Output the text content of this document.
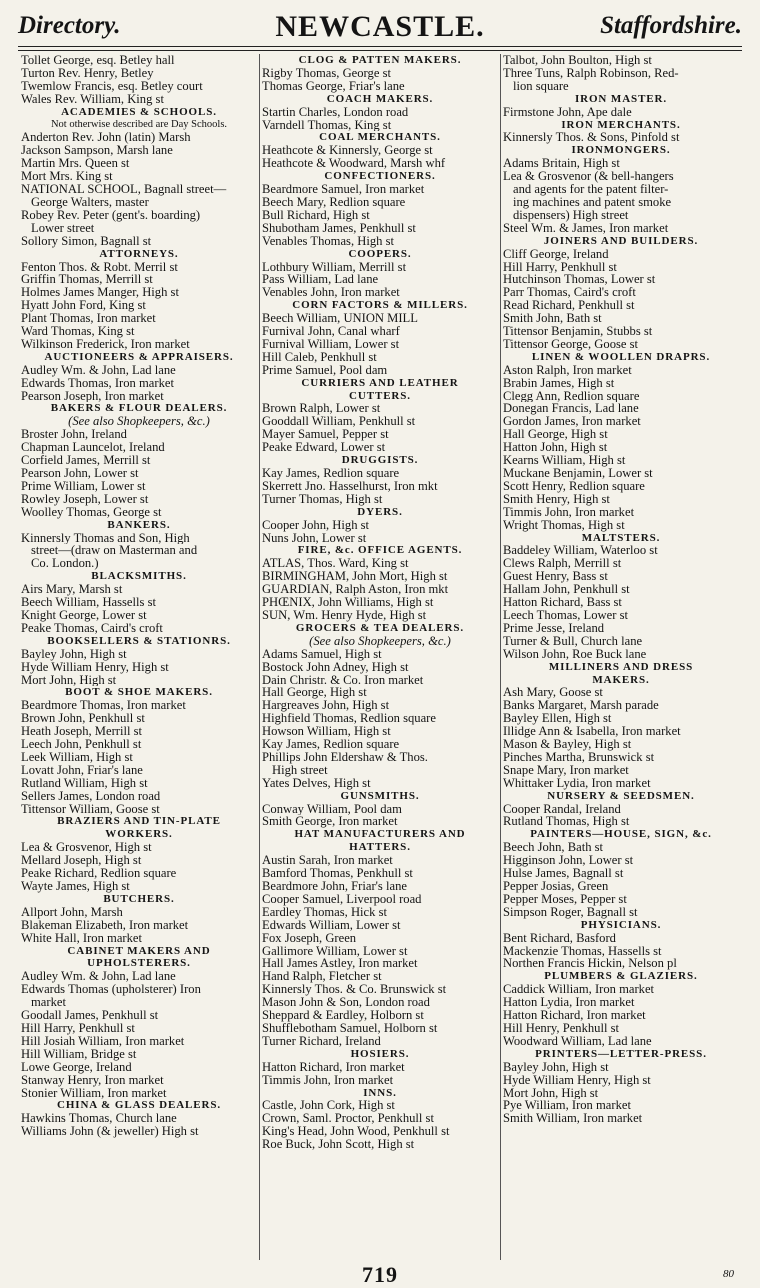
Directory.	NEWCASTLE.	Staffordshire.
Tollet George, esq. Betley hall
Turton Rev. Henry, Betley
Twemlow Francis, esq. Betley court
Wales Rev. William, King st
ACADEMIES & SCHOOLS.
Not otherwise described are Day Schools.
Anderton Rev. John (latin) Marsh
Jackson Sampson, Marsh lane
Martin Mrs. Queen st
Mort Mrs. King st
NATIONAL SCHOOL, Bagnall street—
George Walters, master
Robey Rev. Peter (gent's. boarding)
Lower street
Sollory Simon, Bagnall st
ATTORNEYS.
Fenton Thos. & Robt. Merril st
Griffin Thomas, Merrill st
Holmes James Manger, High st
Hyatt John Ford, King st
Plant Thomas, Iron market
Ward Thomas, King st
Wilkinson Frederick, Iron market
AUCTIONEERS & APPRAISERS.
Audley Wm. & John, Lad lane
Edwards Thomas, Iron market
Pearson Joseph, Iron market
BAKERS & FLOUR DEALERS.
(See also Shopkeepers, &c.)
Broster John, Ireland
Chapman Launcelot, Ireland
Corfield James, Merrill st
Pearson John, Lower st
Prime William, Lower st
Rowley Joseph, Lower st
Woolley Thomas, George st
BANKERS.
Kinnersly Thomas and Son, High
street—(draw on Masterman and
Co. London.)
BLACKSMITHS.
Airs Mary, Marsh st
Beech William, Hassells st
Knight George, Lower st
Peake Thomas, Caird's croft
BOOKSELLERS & STATIONRS.
Bayley John, High st
Hyde William Henry, High st
Mort John, High st
BOOT & SHOE MAKERS.
Beardmore Thomas, Iron market
Brown John, Penkhull st
Heath Joseph, Merrill st
Leech John, Penkhull st
Leek William, High st
Lovatt John, Friar's lane
Rutland William, High st
Sellers James, London road
Tittensor William, Goose st
BRAZIERS AND TIN-PLATE
WORKERS.
Lea & Grosvenor, High st
Mellard Joseph, High st
Peake Richard, Redlion square
Wayte James, High st
BUTCHERS.
Allport John, Marsh
Blakeman Elizabeth, Iron market
White Hall, Iron market
CABINET MAKERS AND
UPHOLSTERERS.
Audley Wm. & John, Lad lane
Edwards Thomas (upholsterer) Iron
market
Goodall James, Penkhull st
Hill Harry, Penkhull st
Hill Josiah William, Iron market
Hill William, Bridge st
Lowe George, Ireland
Stanway Henry, Iron market
Stonier William, Iron market
CHINA & GLASS DEALERS.
Hawkins Thomas, Church lane
Williams John (& jeweller) High st
CLOG & PATTEN MAKERS.
Rigby Thomas, George st
Thomas George, Friar's lane
COACH MAKERS.
Startin Charles, London road
Varndell Thomas, King st
COAL MERCHANTS.
Heathcote & Kinnersly, George st
Heathcote & Woodward, Marsh whf
CONFECTIONERS.
Beardmore Samuel, Iron market
Beech Mary, Redlion square
Bull Richard, High st
Shubotham James, Penkhull st
Venables Thomas, High st
COOPERS.
Lothbury William, Merrill st
Pass William, Lad lane
Venables John, Iron market
CORN FACTORS & MILLERS.
Beech William, UNION MILL
Furnival John, Canal wharf
Furnival William, Lower st
Hill Caleb, Penkhull st
Prime Samuel, Pool dam
CURRIERS AND LEATHER
CUTTERS.
Brown Ralph, Lower st
Gooddall William, Penkhull st
Mayer Samuel, Pepper st
Peake Edward, Lower st
DRUGGISTS.
Kay James, Redlion square
Skerrett Jno. Hasselhurst, Iron mkt
Turner Thomas, High st
DYERS.
Cooper John, High st
Nuns John, Lower st
FIRE, &c. OFFICE AGENTS.
ATLAS, Thos. Ward, King st
BIRMINGHAM, John Mort, High st
GUARDIAN, Ralph Aston, Iron mkt
PHŒNIX, John Williams, High st
SUN, Wm. Henry Hyde, High st
GROCERS & TEA DEALERS.
(See also Shopkeepers, &c.)
Adams Samuel, High st
Bostock John Adney, High st
Dain Christr. & Co. Iron market
Hall George, High st
Hargreaves John, High st
Highfield Thomas, Redlion square
Howson William, High st
Kay James, Redlion square
Phillips John Eldershaw & Thos.
High street
Yates Delves, High st
GUNSMITHS.
Conway William, Pool dam
Smith George, Iron market
HAT MANUFACTURERS AND
HATTERS.
Austin Sarah, Iron market
Bamford Thomas, Penkhull st
Beardmore John, Friar's lane
Cooper Samuel, Liverpool road
Eardley Thomas, Hick st
Edwards William, Lower st
Fox Joseph, Green
Gallimore William, Lower st
Hall James Astley, Iron market
Hand Ralph, Fletcher st
Kinnersly Thos. & Co. Brunswick st
Mason John & Son, London road
Sheppard & Eardley, Holborn st
Shufflebotham Samuel, Holborn st
Turner Richard, Ireland
HOSIERS.
Hatton Richard, Iron market
Timmis John, Iron market
INNS.
Castle, John Cork, High st
Crown, Saml. Proctor, Penkhull st
King's Head, John Wood, Penkhull st
Roe Buck, John Scott, High st
Talbot, John Boulton, High st
Three Tuns, Ralph Robinson, Red-
lion square
IRON MASTER.
Firmstone John, Ape dale
IRON MERCHANTS.
Kinnersly Thos. & Sons, Pinfold st
IRONMONGERS.
Adams Britain, High st
Lea & Grosvenor (& bell-hangers
and agents for the patent filter-
ing machines and patent smoke
dispensers) High street
Steel Wm. & James, Iron market
JOINERS AND BUILDERS.
Cliff George, Ireland
Hill Harry, Penkhull st
Hutchinson Thomas, Lower st
Parr Thomas, Caird's croft
Read Richard, Penkhull st
Smith John, Bath st
Tittensor Benjamin, Stubbs st
Tittensor George, Goose st
LINEN & WOOLLEN DRAPRS.
Aston Ralph, Iron market
Brabin James, High st
Clegg Ann, Redlion square
Donegan Francis, Lad lane
Gordon James, Iron market
Hall George, High st
Hatton John, High st
Kearns William, High st
Muckane Benjamin, Lower st
Scott Henry, Redlion square
Smith Henry, High st
Timmis John, Iron market
Wright Thomas, High st
MALTSTERS.
Baddeley William, Waterloo st
Clews Ralph, Merrill st
Guest Henry, Bass st
Hallam John, Penkhull st
Hatton Richard, Bass st
Leech Thomas, Lower st
Prime Jesse, Ireland
Turner & Bull, Church lane
Wilson John, Roe Buck lane
MILLINERS AND DRESS
MAKERS.
Ash Mary, Goose st
Banks Margaret, Marsh parade
Bayley Ellen, High st
Illidge Ann & Isabella, Iron market
Mason & Bayley, High st
Pinches Martha, Brunswick st
Snape Mary, Iron market
Whittaker Lydia, Iron market
NURSERY & SEEDSMEN.
Cooper Randal, Ireland
Rutland Thomas, High st
PAINTERS—HOUSE, SIGN, &c.
Beech John, Bath st
Higginson John, Lower st
Hulse James, Bagnall st
Pepper Josias, Green
Pepper Moses, Pepper st
Simpson Roger, Bagnall st
PHYSICIANS.
Bent Richard, Basford
Mackenzie Thomas, Hassells st
Northen Francis Hickin, Nelson pl
PLUMBERS & GLAZIERS.
Caddick William, Iron market
Hatton Lydia, Iron market
Hatton Richard, Iron market
Hill Henry, Penkhull st
Woodward William, Lad lane
PRINTERS—LETTER-PRESS.
Bayley John, High st
Hyde William Henry, High st
Mort John, High st
Pye William, Iron market
Smith William, Iron market
719	80
